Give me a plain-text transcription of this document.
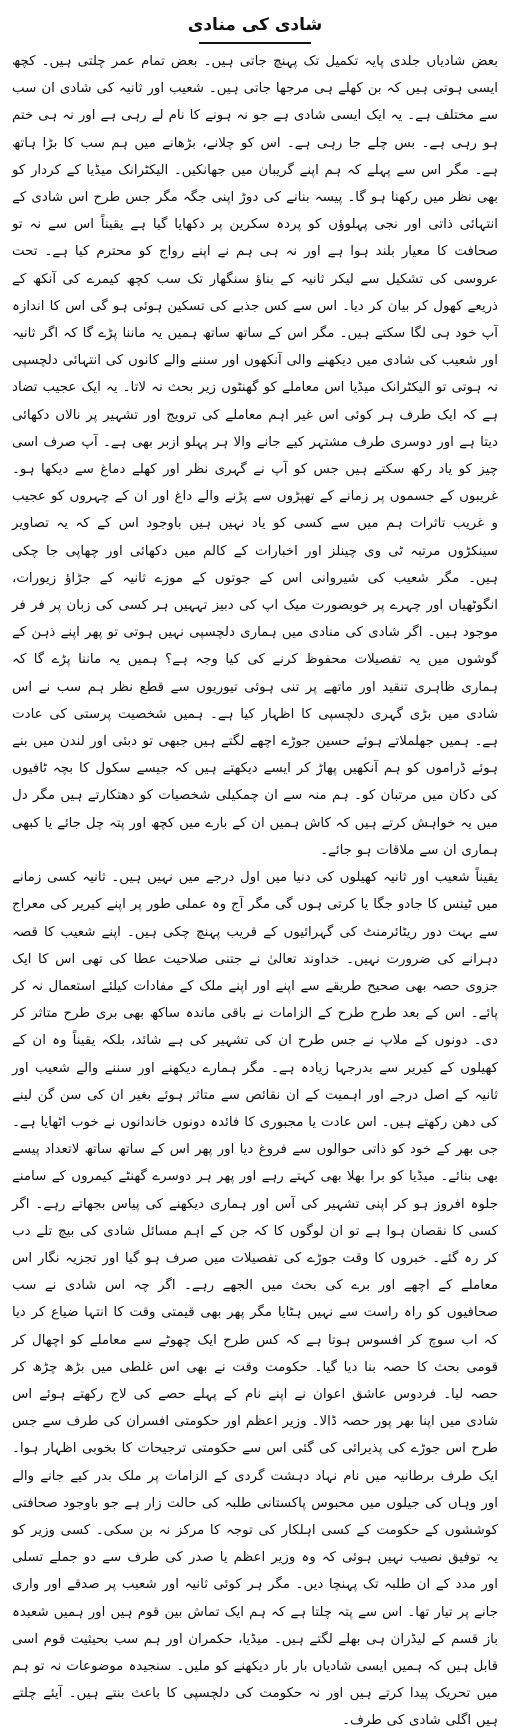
شادی کی منادی

بعض شادیاں جلدی پایہ تکمیل تک پہنچ جاتی ہیں۔ بعض تمام عمر چلتی ہیں۔ کچھ ایسی ہوتی ہیں کہ بن کھلے ہی مرجھا جاتی ہیں۔ شعیب اور ثانیہ کی شادی ان سب سے مختلف ہے۔ یہ ایک ایسی شادی ہے جو نہ ہونے کا نام لے رہی ہے اور نہ ہی ختم ہو رہی ہے۔ بس چلے جا رہی ہے۔ اس کو چلانے، بڑھانے میں ہم سب کا بڑا ہاتھ ہے۔ مگر اس سے پہلے کہ ہم اپنے گریبان میں جھانکیں۔ الیکٹرانک میڈیا کے کردار کو بھی نظر میں رکھنا ہو گا۔ پیسہ بنانے کی دوڑ اپنی جگہ مگر جس طرح اس شادی کے انتہائی ذاتی اور نجی پہلوؤں کو پردہ سکرین پر دکھایا گیا ہے یقیناً اس سے نہ تو صحافت کا معیار بلند ہوا ہے اور نہ ہی ہم نے اپنے رواج کو محترم کیا ہے۔ تحت عروسی کی تشکیل سے لیکر ثانیہ کے بناؤ سنگھار تک سب کچھ کیمرے کی آنکھ کے ذریعے کھول کر بیان کر دیا۔ اس سے کس جذبے کی تسکین ہوئی ہو گی اس کا اندازہ آپ خود ہی لگا سکتے ہیں۔ مگر اس کے ساتھ ساتھ ہمیں یہ ماننا پڑے گا کہ اگر ثانیہ اور شعیب کی شادی میں دیکھنے والی آنکھوں اور سننے والے کانوں کی انتہائی دلچسپی نہ ہوتی تو الیکٹرانک میڈیا اس معاملے کو گھنٹوں زیر بحث نہ لاتا۔ یہ ایک عجیب تضاد ہے کہ ایک طرف ہر کوئی اس غیر اہم معاملے کی ترویج اور تشہیر پر نالاں دکھائی دیتا ہے اور دوسری طرف مشتہر کیے جانے والا ہر پہلو ازبر بھی ہے۔ آپ صرف اسی چیز کو یاد رکھ سکتے ہیں جس کو آپ نے گہری نظر اور کھلے دماغ سے دیکھا ہو۔ غریبوں کے جسموں پر زمانے کے تھپڑوں سے پڑنے والے داغ اور ان کے چہروں کو عجیب و غریب تاثرات ہم میں سے کسی کو یاد نہیں ہیں باوجود اس کے کہ یہ تصاویر سینکڑوں مرتبہ ٹی وی چینلز اور اخبارات کے کالم میں دکھائی اور چھاپی جا چکی ہیں۔ مگر شعیب کی شیروانی اس کے جوتوں کے موزے ثانیہ کے جڑاؤ زیورات، انگوٹھیاں اور چہرے پر خوبصورت میک اپ کی دبیز تہہیں ہر کسی کی زبان پر فر فر موجود ہیں۔ اگر شادی کی منادی میں ہماری دلچسپی نہیں ہوتی تو پھر اپنے ذہن کے گوشوں میں یہ تفصیلات محفوظ کرنے کی کیا وجہ ہے؟ ہمیں یہ ماننا پڑے گا کہ ہماری ظاہری تنقید اور ماتھے پر تنی ہوئی تیوریوں سے قطع نظر ہم سب نے اس شادی میں بڑی گہری دلچسپی کا اظہار کیا ہے۔ ہمیں شخصیت پرستی کی عادت ہے۔ ہمیں جھلملاتے ہوئے حسین جوڑے اچھے لگتے ہیں جبھی تو دبئی اور لندن میں بنے ہوئے ڈراموں کو ہم آنکھیں پھاڑ کر ایسے دیکھتے ہیں کہ جیسے سکول کا بچہ ٹافیوں کی دکان میں مرتبان کو۔ ہم منہ سے ان چمکیلی شخصیات کو دھتکارتے ہیں مگر دل میں یہ خواہش کرتے ہیں کہ کاش ہمیں ان کے بارے میں کچھ اور پتہ چل جائے یا کبھی ہماری ان سے ملاقات ہو جائے۔

یقیناً شعیب اور ثانیہ کھیلوں کی دنیا میں اول درجے میں نہیں ہیں۔ ثانیہ کسی زمانے میں ٹینس کا جادو جگا یا کرتی ہوں گی مگر آج وہ عملی طور پر اپنے کیریر کی معراج سے بہت دور ریٹائرمنٹ کی گہرائیوں کے قریب پہنچ چکی ہیں۔ اپنے شعیب کا قصہ دہرانے کی ضرورت نہیں۔ خداوند تعالیٰ نے جتنی صلاحیت عطا کی تھی اس کا ایک جزوی حصہ بھی صحیح طریقے سے اپنے اور اپنے ملک کے مفادات کیلئے استعمال نہ کر پائے۔ اس کے بعد طرح طرح کے الزامات نے باقی ماندہ ساکھ بھی بری طرح متاثر کر دی۔ دونوں کے ملاپ نے جس طرح ان کی تشہیر کی ہے شائد، بلکہ یقیناً وہ ان کے کھیلوں کے کیریر سے بدرجہا زیادہ ہے۔ مگر ہمارے دیکھنے اور سننے والے شعیب اور ثانیہ کے اصل درجے اور اہمیت کے ان نقائص سے متاثر ہوئے بغیر ان کی سن گن لینے کی دھن رکھتے ہیں۔ اس عادت یا مجبوری کا فائدہ دونوں خاندانوں نے خوب اٹھایا ہے۔ جی بھر کے خود کو ذاتی حوالوں سے فروغ دیا اور پھر اس کے ساتھ ساتھ لاتعداد پیسے بھی بنائے۔ میڈیا کو برا بھلا بھی کہتے رہے اور پھر ہر دوسرے گھنٹے کیمروں کے سامنے جلوہ افروز ہو کر اپنی تشہیر کی آس اور ہماری دیکھنے کی پیاس بجھاتے رہے۔ اگر کسی کا نقصان ہوا ہے تو ان لوگوں کا کہ جن کے اہم مسائل شادی کی بیچ تلے دب کر رہ گئے۔ خبروں کا وقت جوڑے کی تفصیلات میں صرف ہو گیا اور تجزیہ نگار اس معاملے کے اچھے اور برے کی بحث میں الجھے رہے۔ اگر چہ اس شادی نے سب صحافیوں کو راہ راست سے نہیں ہٹایا مگر پھر بھی قیمتی وقت کا انتہا ضیاع کر دیا کہ اب سوچ کر افسوس ہوتا ہے کہ کس طرح ایک چھوٹے سے معاملے کو اچھال کر قومی بحث کا حصہ بنا دیا گیا۔ حکومت وقت نے بھی اس غلطی میں بڑھ چڑھ کر حصہ لیا۔ فردوس عاشق اعوان نے اپنے نام کے پہلے حصے کی لاج رکھتے ہوئے اس شادی میں اپنا بھر پور حصہ ڈالا۔ وزیر اعظم اور حکومتی افسران کی طرف سے جس طرح اس جوڑے کی پذیرائی کی گئی اس سے حکومتی ترجیحات کا بخوبی اظہار ہوا۔ ایک طرف برطانیہ میں نام نہاد دہشت گردی کے الزامات پر ملک بدر کیے جانے والے اور وہاں کی جیلوں میں محبوس پاکستانی طلبہ کی حالت زار ہے جو باوجود صحافتی کوششوں کے حکومت کے کسی اہلکار کی توجہ کا مرکز نہ بن سکی۔ کسی وزیر کو یہ توفیق نصیب نہیں ہوئی کہ وہ وزیر اعظم یا صدر کی طرف سے دو جملے تسلی اور مدد کے ان طلبہ تک پہنچا دیں۔ مگر ہر کوئی ثانیہ اور شعیب پر صدقے اور واری جانے پر تیار تھا۔ اس سے پتہ چلتا ہے کہ ہم ایک تماش بین قوم ہیں اور ہمیں شعبدہ باز قسم کے لیڈران ہی بھلے لگتے ہیں۔ میڈیا، حکمران اور ہم سب بحیثیت قوم اسی قابل ہیں کہ ہمیں ایسی شادیاں بار بار دیکھنے کو ملیں۔ سنجیدہ موضوعات نہ تو ہم میں تحریک پیدا کرتے ہیں اور نہ حکومت کی دلچسپی کا باعث بنتے ہیں۔ آیئے چلتے ہیں اگلی شادی کی طرف۔
